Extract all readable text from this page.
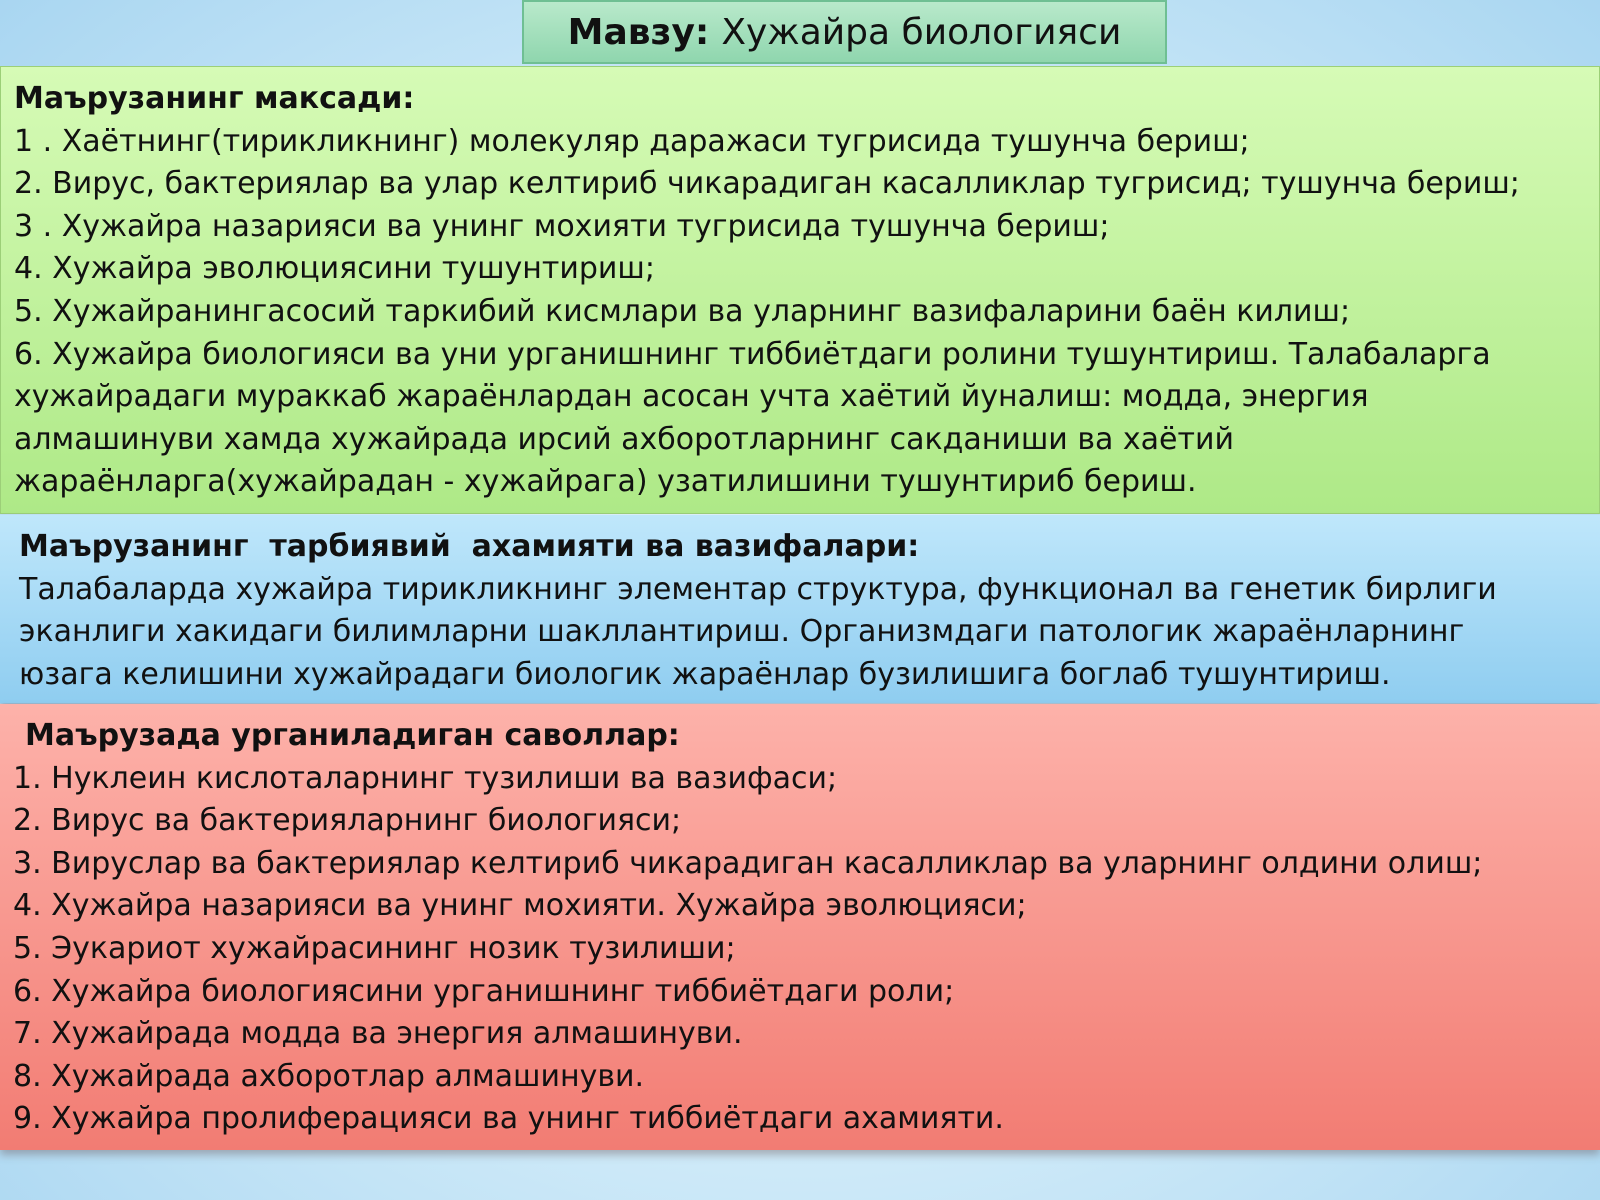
Мавзу: Хужайра биологияси
Маърузанинг максади:
1 . Хаётнинг(тирикликнинг) молекуляр даражаси тугрисида тушунча бериш;
2. Вирус, бактериялар ва улар келтириб чикарадиган касалликлар тугрисид; тушунча бериш;
3 . Хужайра назарияси ва унинг мохияти тугрисида тушунча бериш;
4. Хужайра эволюциясини тушунтириш;
5. Хужайранингасосий таркибий кисмлари ва уларнинг вазифаларини баён килиш;
6. Хужайра биологияси ва уни урганишнинг тиббиётдаги ролини тушунтириш. Талабаларга
хужайрадаги мураккаб жараёнлардан асосан учта хаётий йуналиш: модда, энергия
алмашинуви хамда хужайрада ирсий ахборотларнинг сакданиши ва хаётий
жараёнларга(хужайрадан - хужайрага) узатилишини тушунтириб бериш.
Маърузанинг  тарбиявий  ахамияти ва вазифалари:
Талабаларда хужайра тирикликнинг элементар структура, функционал ва генетик бирлиги
эканлиги хакидаги билимларни шакллантириш. Организмдаги патологик жараёнларнинг
юзага келишини хужайрадаги биологик жараёнлар бузилишига боглаб тушунтириш.
Маърузада урганиладиган саволлар:
1. Нуклеин кислоталарнинг тузилиши ва вазифаси;
2. Вирус ва бактерияларнинг биологияси;
3. Вируслар ва бактериялар келтириб чикарадиган касалликлар ва уларнинг олдини олиш;
4. Хужайра назарияси ва унинг мохияти. Хужайра эволюцияси;
5. Эукариот хужайрасининг нозик тузилиши;
6. Хужайра биологиясини урганишнинг тиббиётдаги роли;
7. Хужайрада модда ва энергия алмашинуви.
8. Хужайрада ахборотлар алмашинуви.
9. Хужайра пролиферацияси ва унинг тиббиётдаги ахамияти.
